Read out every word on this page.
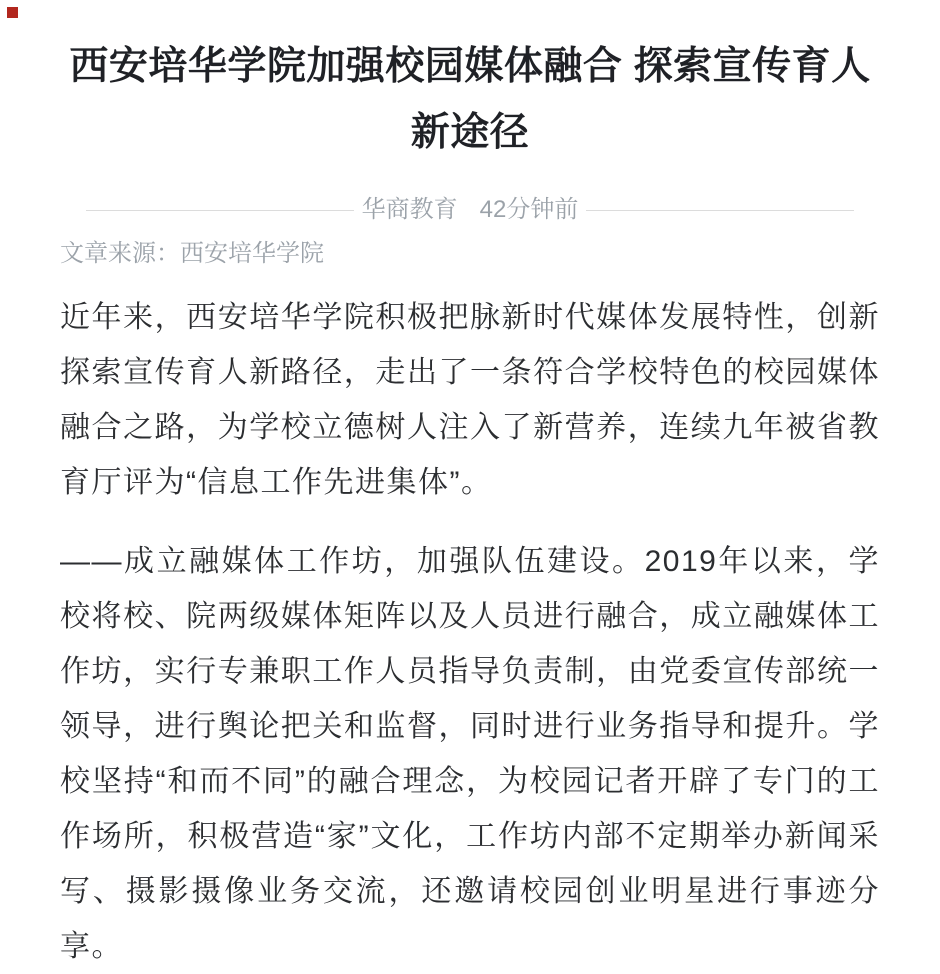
西安培华学院加强校园媒体融合 探索宣传育人新途径
华商教育 42分钟前
文章来源：西安培华学院

近年来，西安培华学院积极把脉新时代媒体发展特性，创新探索宣传育人新路径，走出了一条符合学校特色的校园媒体融合之路，为学校立德树人注入了新营养，连续九年被省教育厅评为“信息工作先进集体”。

——成立融媒体工作坊，加强队伍建设。2019年以来，学校将校、院两级媒体矩阵以及人员进行融合，成立融媒体工作坊，实行专兼职工作人员指导负责制，由党委宣传部统一领导，进行舆论把关和监督，同时进行业务指导和提升。学校坚持“和而不同”的融合理念，为校园记者开辟了专门的工作场所，积极营造“家”文化，工作坊内部不定期举办新闻采写、摄影摄像业务交流，还邀请校园创业明星进行事迹分享。
